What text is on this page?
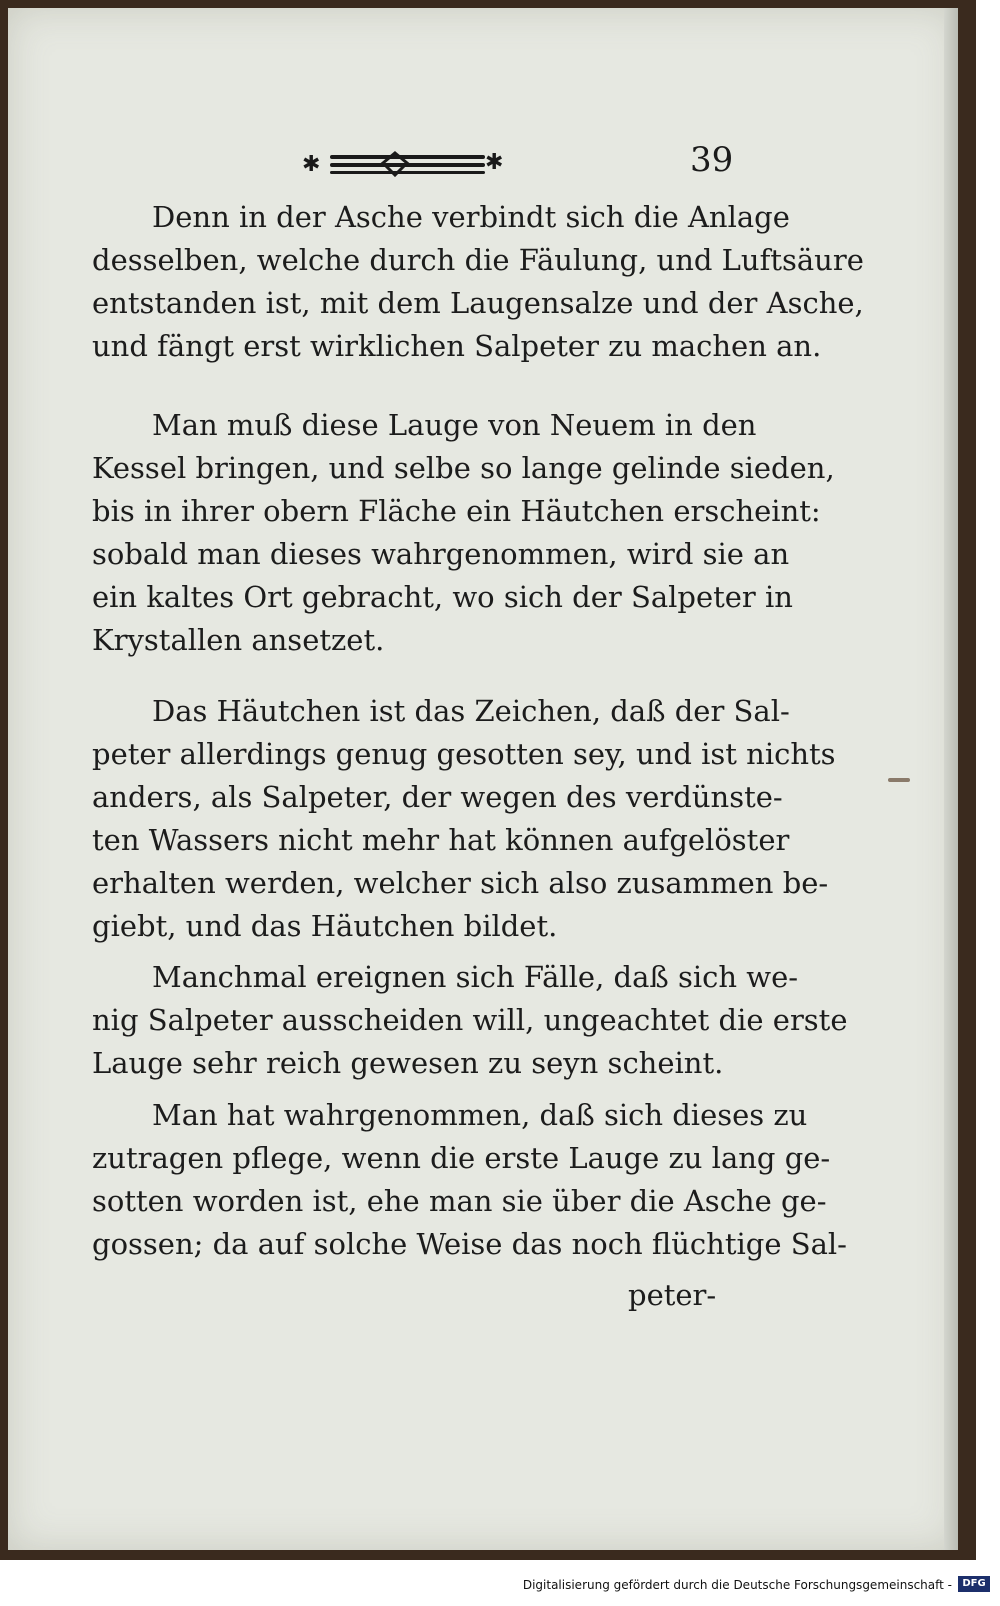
✱	✱	39
Denn in der Asche verbindt sich die Anlage
desselben, welche durch die Fäulung, und Luftsäure
entstanden ist, mit dem Laugensalze und der Asche,
und fängt erst wirklichen Salpeter zu machen an.
Man muß diese Lauge von Neuem in den
Kessel bringen, und selbe so lange gelinde sieden,
bis in ihrer obern Fläche ein Häutchen erscheint:
sobald man dieses wahrgenommen, wird sie an
ein kaltes Ort gebracht, wo sich der Salpeter in
Krystallen ansetzet.
Das Häutchen ist das Zeichen, daß der Sal-
peter allerdings genug gesotten sey, und ist nichts
anders, als Salpeter, der wegen des verdünste-
ten Wassers nicht mehr hat können aufgelöster
erhalten werden, welcher sich also zusammen be-
giebt, und das Häutchen bildet.
Manchmal ereignen sich Fälle, daß sich we-
nig Salpeter ausscheiden will, ungeachtet die erste
Lauge sehr reich gewesen zu seyn scheint.
Man hat wahrgenommen, daß sich dieses zu
zutragen pflege, wenn die erste Lauge zu lang ge-
sotten worden ist, ehe man sie über die Asche ge-
gossen; da auf solche Weise das noch flüchtige Sal-
peter-
Digitalisierung gefördert durch die Deutsche Forschungsgemeinschaft -	DFG
